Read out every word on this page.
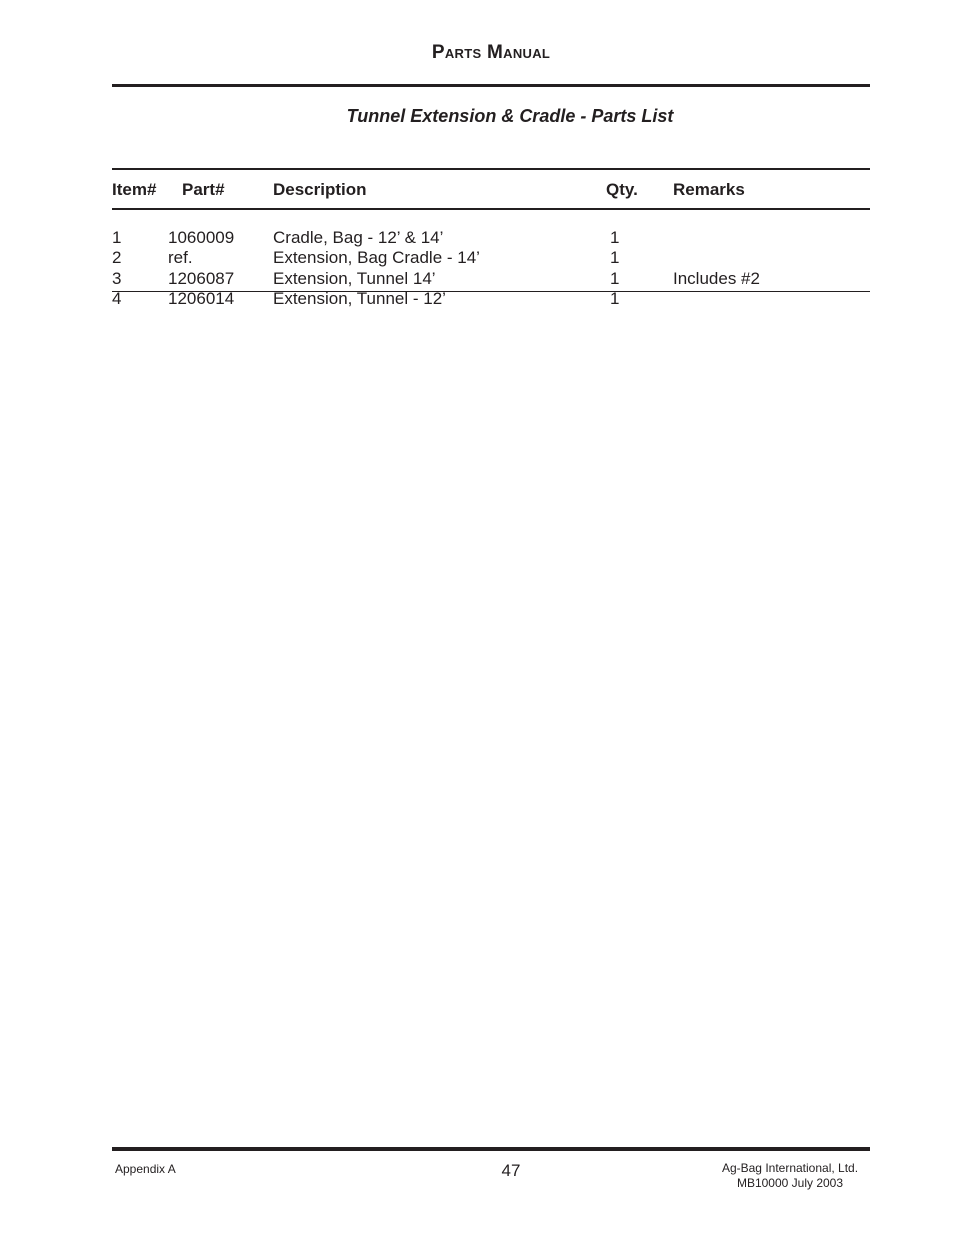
Parts Manual
Tunnel Extension & Cradle - Parts List
Item# Part#	Description	Qty. Remarks
1	1060009 Cradle, Bag - 12’ & 14’	1
2	ref.	Extension, Bag Cradle - 14’	1
3	1206087 Extension, Tunnel 14’	1	Includes #2
4	1206014 Extension, Tunnel - 12’	1
Appendix A	47	Ag-Bag International, Ltd.
MB10000 July 2003
